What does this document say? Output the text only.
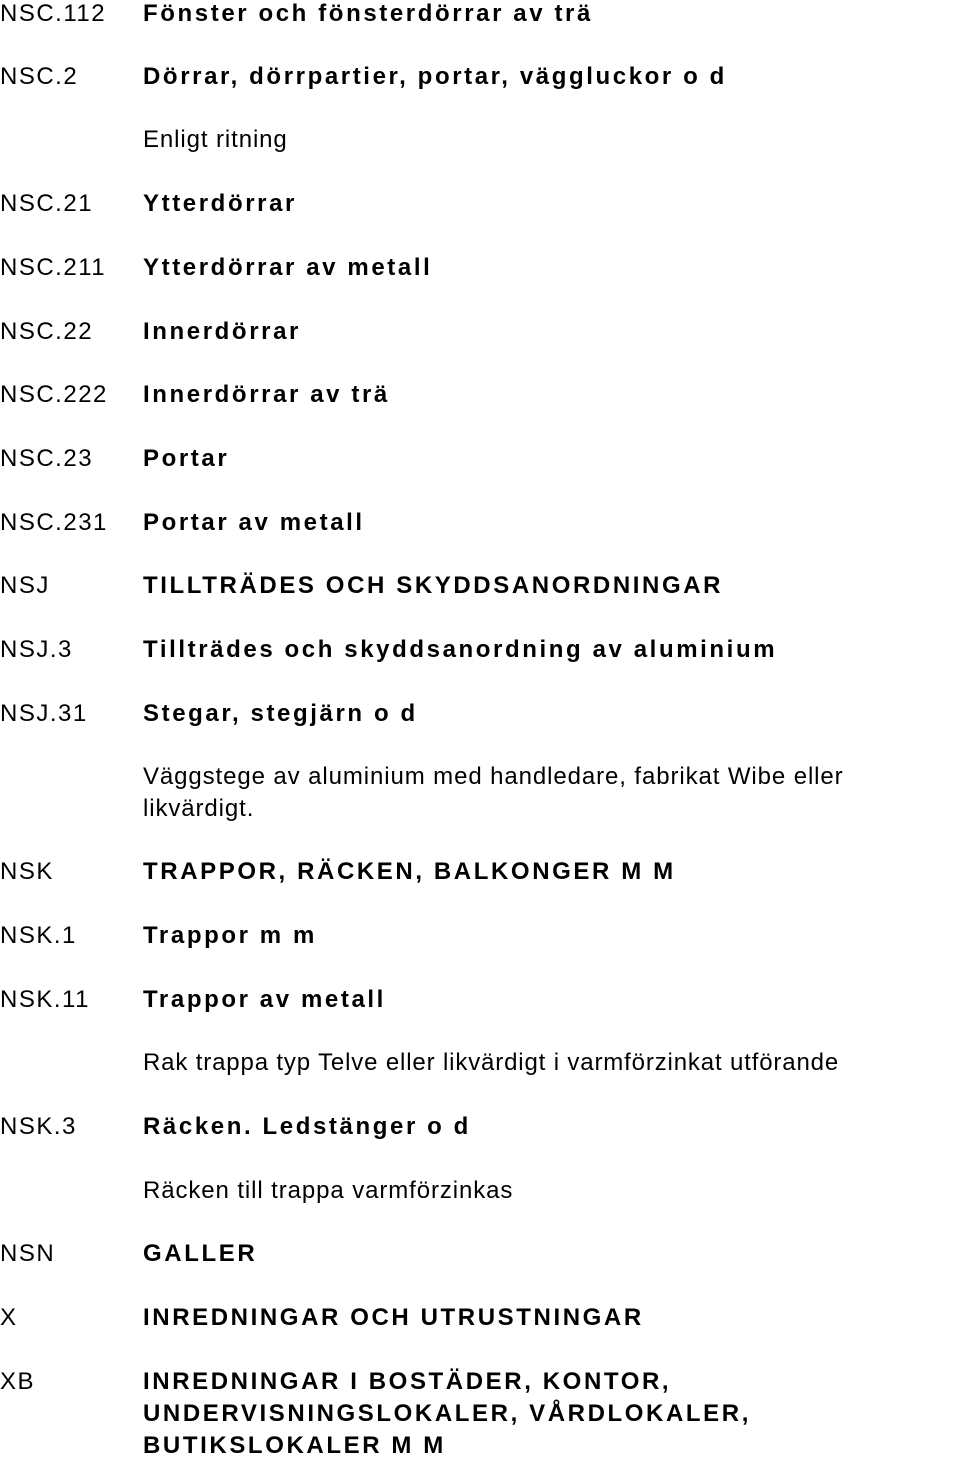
NSC.112 Fönster och fönsterdörrar av trä
NSC.2	Dörrar, dörrpartier, portar, väggluckor o d
Enligt ritning
NSC.21 Ytterdörrar
NSC.211 Ytterdörrar av metall
NSC.22 Innerdörrar
NSC.222 Innerdörrar av trä
NSC.23 Portar
NSC.231 Portar av metall
NSJ	TILLTRÄDES OCH SKYDDSANORDNINGAR
NSJ.3	Tillträdes och skyddsanordning av aluminium
NSJ.31 Stegar, stegjärn o d
Väggstege av aluminium med handledare, fabrikat Wibe eller likvärdigt.
NSK	TRAPPOR, RÄCKEN, BALKONGER M M
NSK.1	Trappor m m
NSK.11 Trappor av metall
Rak trappa typ Telve eller likvärdigt i varmförzinkat utförande
NSK.3	Räcken. Ledstänger o d
Räcken till trappa varmförzinkas
NSN	GALLER
X	INREDNINGAR OCH UTRUSTNINGAR
XB	INREDNINGAR I BOSTÄDER, KONTOR, UNDERVISNINGSLOKALER, VÅRDLOKALER, BUTIKSLOKALER M M
